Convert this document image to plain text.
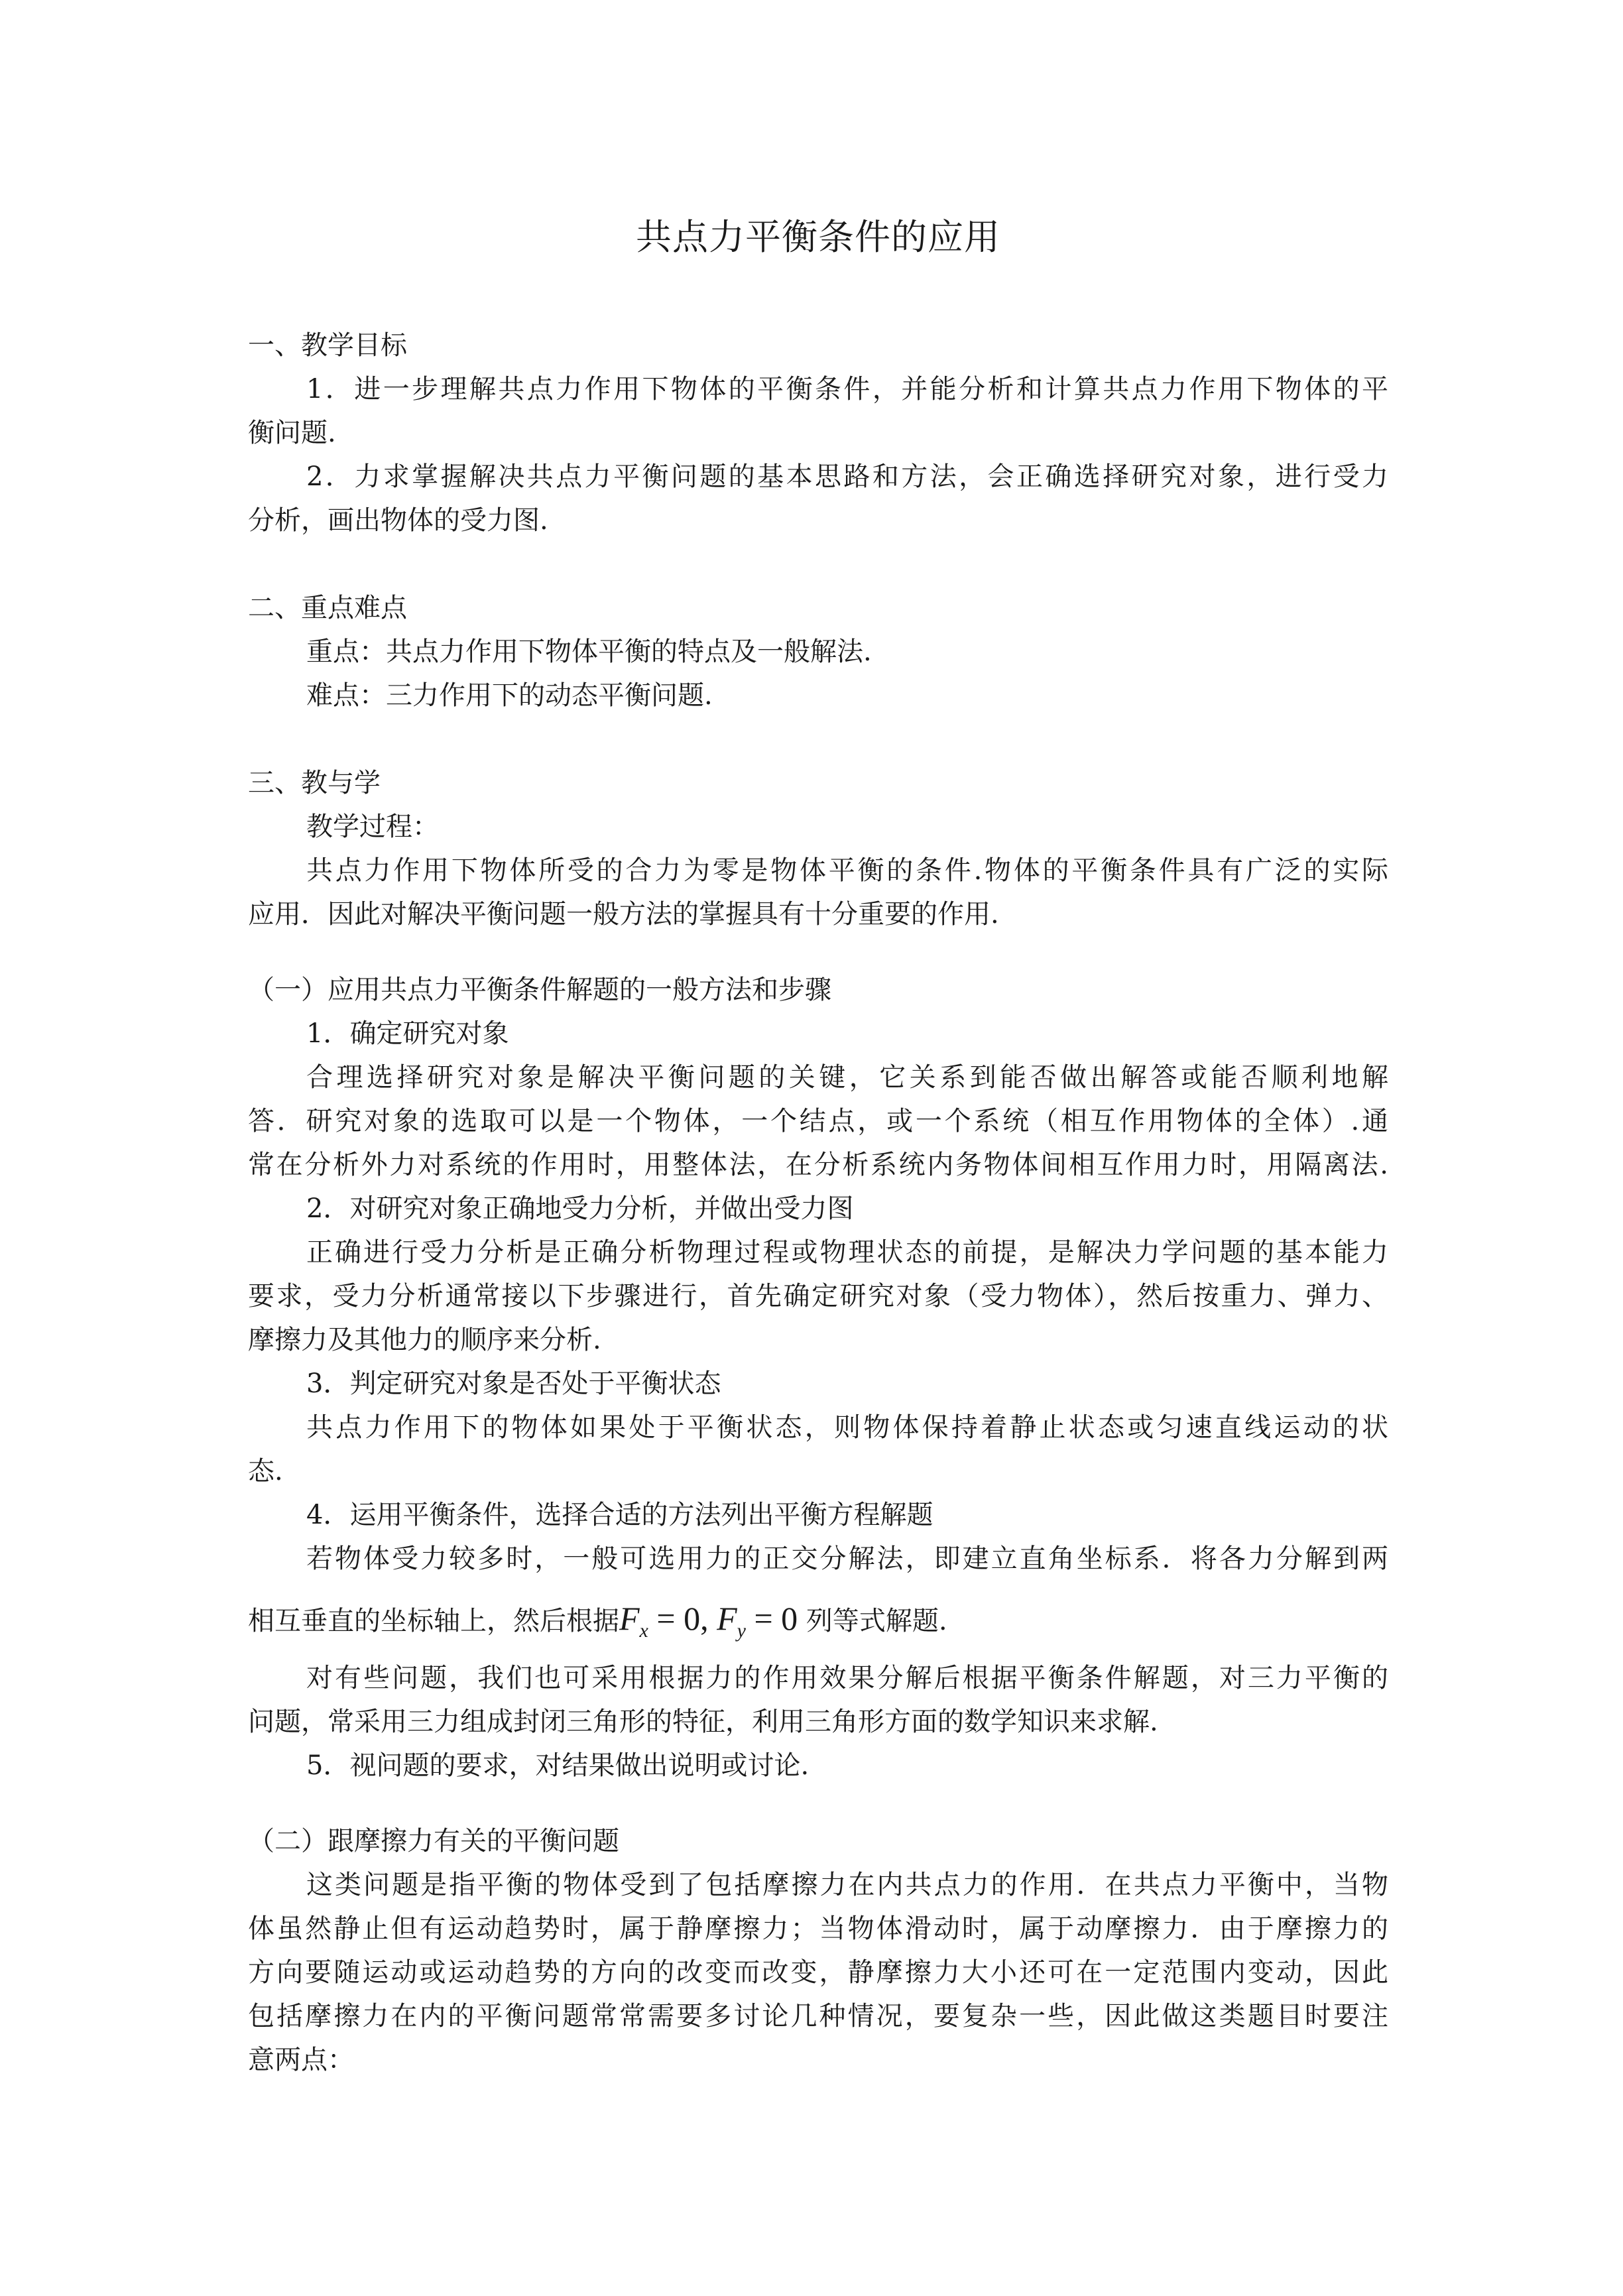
共点力平衡条件的应用
一、教学目标
1．进一步理解共点力作用下物体的平衡条件，并能分析和计算共点力作用下物体的平
衡问题.
2．力求掌握解决共点力平衡问题的基本思路和方法，会正确选择研究对象，进行受力
分析，画出物体的受力图.
二、重点难点
重点：共点力作用下物体平衡的特点及一般解法.
难点：三力作用下的动态平衡问题.
三、教与学
教学过程：
共点力作用下物体所受的合力为零是物体平衡的条件.物体的平衡条件具有广泛的实际
应用．因此对解决平衡问题一般方法的掌握具有十分重要的作用.
（一）应用共点力平衡条件解题的一般方法和步骤
1．确定研究对象
合理选择研究对象是解决平衡问题的关键，它关系到能否做出解答或能否顺利地解
答．研究对象的选取可以是一个物体，一个结点，或一个系统（相互作用物体的全体）.通
常在分析外力对系统的作用时，用整体法，在分析系统内务物体间相互作用力时，用隔离法.
2．对研究对象正确地受力分析，并做出受力图
正确进行受力分析是正确分析物理过程或物理状态的前提，是解决力学问题的基本能力
要求，受力分析通常接以下步骤进行，首先确定研究对象（受力物体），然后按重力、弹力、
摩擦力及其他力的顺序来分析.
3．判定研究对象是否处于平衡状态
共点力作用下的物体如果处于平衡状态，则物体保持着静止状态或匀速直线运动的状
态.
4．运用平衡条件，选择合适的方法列出平衡方程解题
若物体受力较多时，一般可选用力的正交分解法，即建立直角坐标系．将各力分解到两
相互垂直的坐标轴上，然后根据$F_x = 0$, $F_y = 0$ 列等式解题.
对有些问题，我们也可采用根据力的作用效果分解后根据平衡条件解题，对三力平衡的
问题，常采用三力组成封闭三角形的特征，利用三角形方面的数学知识来求解.
5．视问题的要求，对结果做出说明或讨论.
（二）跟摩擦力有关的平衡问题
这类问题是指平衡的物体受到了包括摩擦力在内共点力的作用．在共点力平衡中，当物
体虽然静止但有运动趋势时，属于静摩擦力；当物体滑动时，属于动摩擦力．由于摩擦力的
方向要随运动或运动趋势的方向的改变而改变，静摩擦力大小还可在一定范围内变动，因此
包括摩擦力在内的平衡问题常常需要多讨论几种情况，要复杂一些，因此做这类题目时要注
意两点：
